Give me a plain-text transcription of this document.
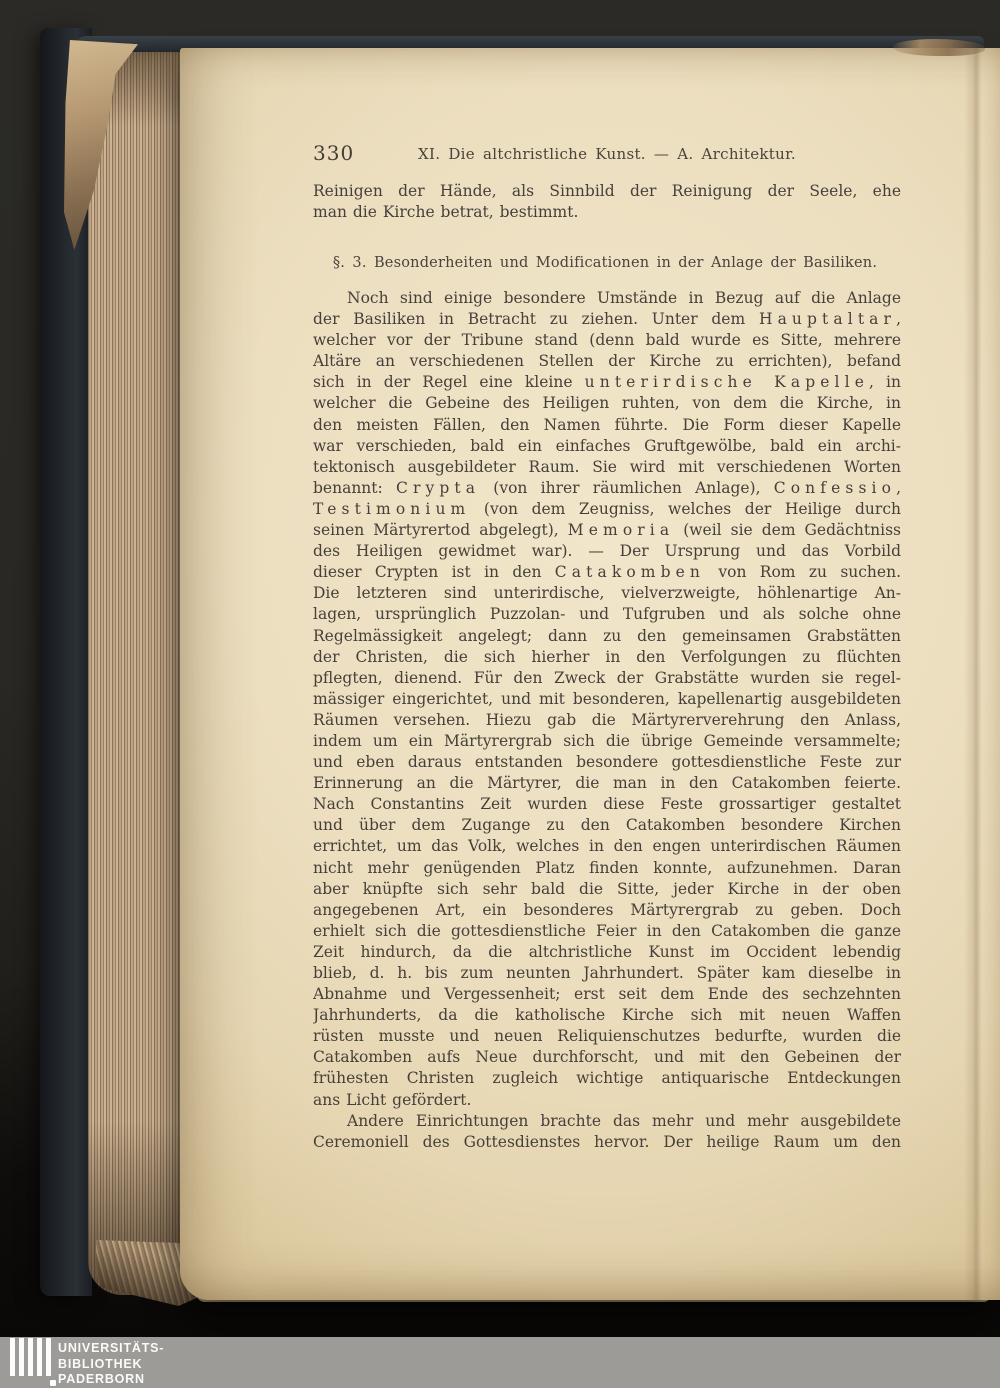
330	XI. Die altchristliche Kunst. — A. Architektur.
Reinigen der Hände, als Sinnbild der Reinigung der Seele, ehe
man die Kirche betrat, bestimmt.
§. 3. Besonderheiten und Modificationen in der Anlage der Basiliken.
Noch sind einige besondere Umstände in Bezug auf die Anlage
der Basiliken in Betracht zu ziehen. Unter dem Hauptaltar,
welcher vor der Tribune stand (denn bald wurde es Sitte, mehrere
Altäre an verschiedenen Stellen der Kirche zu errichten), befand
sich in der Regel eine kleine unterirdische Kapelle, in
welcher die Gebeine des Heiligen ruhten, von dem die Kirche, in
den meisten Fällen, den Namen führte. Die Form dieser Kapelle
war verschieden, bald ein einfaches Gruftgewölbe, bald ein archi-
tektonisch ausgebildeter Raum. Sie wird mit verschiedenen Worten
benannt: Crypta (von ihrer räumlichen Anlage), Confessio,
Testimonium (von dem Zeugniss, welches der Heilige durch
seinen Märtyrertod abgelegt), Memoria (weil sie dem Gedächtniss
des Heiligen gewidmet war). — Der Ursprung und das Vorbild
dieser Crypten ist in den Catakomben von Rom zu suchen.
Die letzteren sind unterirdische, vielverzweigte, höhlenartige An-
lagen, ursprünglich Puzzolan- und Tufgruben und als solche ohne
Regelmässigkeit angelegt; dann zu den gemeinsamen Grabstätten
der Christen, die sich hierher in den Verfolgungen zu flüchten
pflegten, dienend. Für den Zweck der Grabstätte wurden sie regel-
mässiger eingerichtet, und mit besonderen, kapellenartig ausgebildeten
Räumen versehen. Hiezu gab die Märtyrerverehrung den Anlass,
indem um ein Märtyrergrab sich die übrige Gemeinde versammelte;
und eben daraus entstanden besondere gottesdienstliche Feste zur
Erinnerung an die Märtyrer, die man in den Catakomben feierte.
Nach Constantins Zeit wurden diese Feste grossartiger gestaltet
und über dem Zugange zu den Catakomben besondere Kirchen
errichtet, um das Volk, welches in den engen unterirdischen Räumen
nicht mehr genügenden Platz finden konnte, aufzunehmen. Daran
aber knüpfte sich sehr bald die Sitte, jeder Kirche in der oben
angegebenen Art, ein besonderes Märtyrergrab zu geben. Doch
erhielt sich die gottesdienstliche Feier in den Catakomben die ganze
Zeit hindurch, da die altchristliche Kunst im Occident lebendig
blieb, d. h. bis zum neunten Jahrhundert. Später kam dieselbe in
Abnahme und Vergessenheit; erst seit dem Ende des sechzehnten
Jahrhunderts, da die katholische Kirche sich mit neuen Waffen
rüsten musste und neuen Reliquienschutzes bedurfte, wurden die
Catakomben aufs Neue durchforscht, und mit den Gebeinen der
frühesten Christen zugleich wichtige antiquarische Entdeckungen
ans Licht gefördert.
Andere Einrichtungen brachte das mehr und mehr ausgebildete
Ceremoniell des Gottesdienstes hervor. Der heilige Raum um den
UNIVERSITÄTS-
BIBLIOTHEK
PADERBORN
